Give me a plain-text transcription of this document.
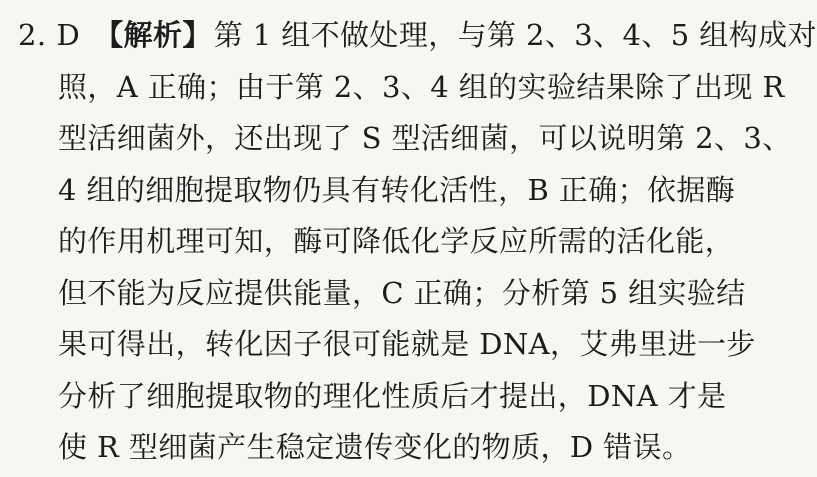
2. D 【解析】第 1 组不做处理，与第 2、3、4、5 组构成对
照，A 正确；由于第 2、3、4 组的实验结果除了出现 R
型活细菌外，还出现了 S 型活细菌，可以说明第 2、3、
4 组的细胞提取物仍具有转化活性，B 正确；依据酶
的作用机理可知，酶可降低化学反应所需的活化能，
但不能为反应提供能量，C 正确；分析第 5 组实验结
果可得出，转化因子很可能就是 DNA，艾弗里进一步
分析了细胞提取物的理化性质后才提出，DNA 才是
使 R 型细菌产生稳定遗传变化的物质，D 错误。
